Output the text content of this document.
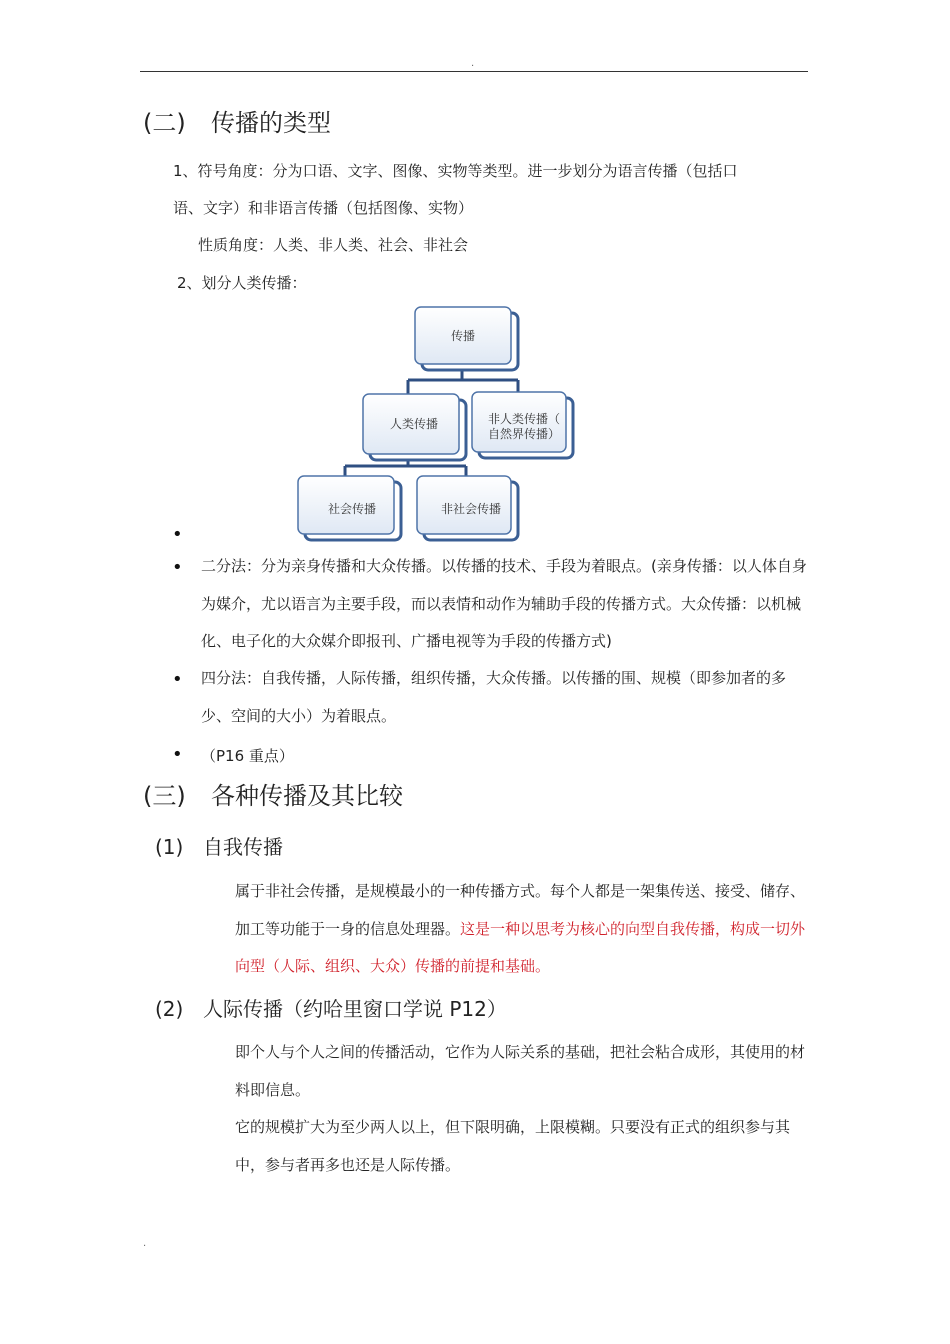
.
(二) 传播的类型
1、符号角度：分为口语、文字、图像、实物等类型。进一步划分为语言传播（包括口
语、文字）和非语言传播（包括图像、实物）
性质角度：人类、非人类、社会、非社会
2、划分人类传播：
传播
人类传播	非人类传播（
自然界传播）
社会传播	非社会传播
•
• 二分法：分为亲身传播和大众传播。以传播的技术、手段为着眼点。(亲身传播：以人体自身为媒介，尤以语言为主要手段，而以表情和动作为辅助手段的传播方式。大众传播：以机械化、电子化的大众媒介即报刊、广播电视等为手段的传播方式)
• 四分法：自我传播，人际传播，组织传播，大众传播。以传播的围、规模（即参加者的多少、空间的大小）为着眼点。
• （P16 重点）
(三) 各种传播及其比较
(1) 自我传播
属于非社会传播，是规模最小的一种传播方式。每个人都是一架集传送、接受、储存、加工等功能于一身的信息处理器。这是一种以思考为核心的向型自我传播，构成一切外向型（人际、组织、大众）传播的前提和基础。
(2) 人际传播（约哈里窗口学说 P12）
即个人与个人之间的传播活动，它作为人际关系的基础，把社会粘合成形，其使用的材料即信息。
它的规模扩大为至少两人以上，但下限明确，上限模糊。只要没有正式的组织参与其中，参与者再多也还是人际传播。
.
